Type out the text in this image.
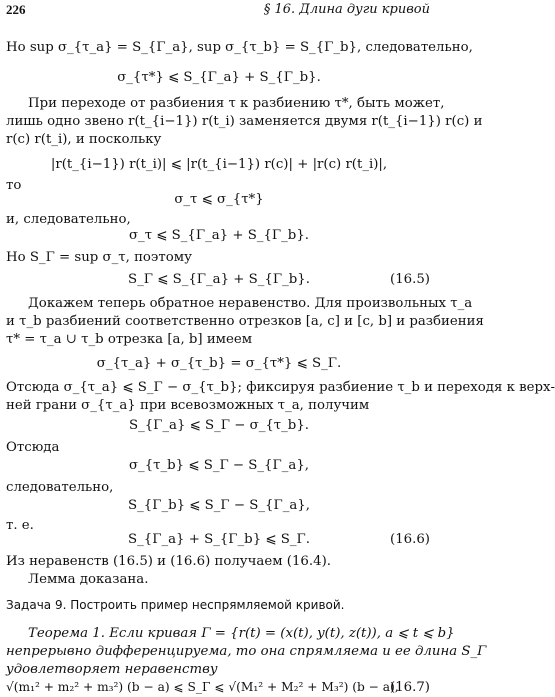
226	§ 16. Длина дуги кривой
Но sup σ_{τ_a} = S_{Γ_a}, sup σ_{τ_b} = S_{Γ_b}, следовательно,
σ_{τ*} ⩽ S_{Γ_a} + S_{Γ_b}.
При переходе от разбиения τ к разбиению τ*, быть может,
лишь одно звено r(t_{i−1}) r(t_i) заменяется двумя r(t_{i−1}) r(c) и
r(c) r(t_i), и поскольку
|r(t_{i−1}) r(t_i)| ⩽ |r(t_{i−1}) r(c)| + |r(c) r(t_i)|,
то
σ_τ ⩽ σ_{τ*}
и, следовательно,
σ_τ ⩽ S_{Γ_a} + S_{Γ_b}.
Но S_Γ = sup σ_τ, поэтому
S_Γ ⩽ S_{Γ_a} + S_{Γ_b}.	(16.5)
Докажем теперь обратное неравенство. Для произвольных τ_a
и τ_b разбиений соответственно отрезков [a, c] и [c, b] и разбиения
τ* = τ_a ∪ τ_b отрезка [a, b] имеем
σ_{τ_a} + σ_{τ_b} = σ_{τ*} ⩽ S_Γ.
Отсюда σ_{τ_a} ⩽ S_Γ − σ_{τ_b}; фиксируя разбиение τ_b и переходя к верх-
ней грани σ_{τ_a} при всевозможных τ_a, получим
S_{Γ_a} ⩽ S_Γ − σ_{τ_b}.
Отсюда
σ_{τ_b} ⩽ S_Γ − S_{Γ_a},
следовательно,
S_{Γ_b} ⩽ S_Γ − S_{Γ_a},
т. е.
S_{Γ_a} + S_{Γ_b} ⩽ S_Γ.	(16.6)
Из неравенств (16.5) и (16.6) получаем (16.4).
Лемма доказана.
Задача 9. Построить пример неспрямляемой кривой.
Теорема 1. Если кривая Γ = {r(t) = (x(t), y(t), z(t)), a ⩽ t ⩽ b}
непрерывно дифференцируема, то она спрямляема и ее длина S_Γ
удовлетворяет неравенству
√(m₁² + m₂² + m₃²) (b − a) ⩽ S_Γ ⩽ √(M₁² + M₂² + M₃²) (b − a),
(16.7)
